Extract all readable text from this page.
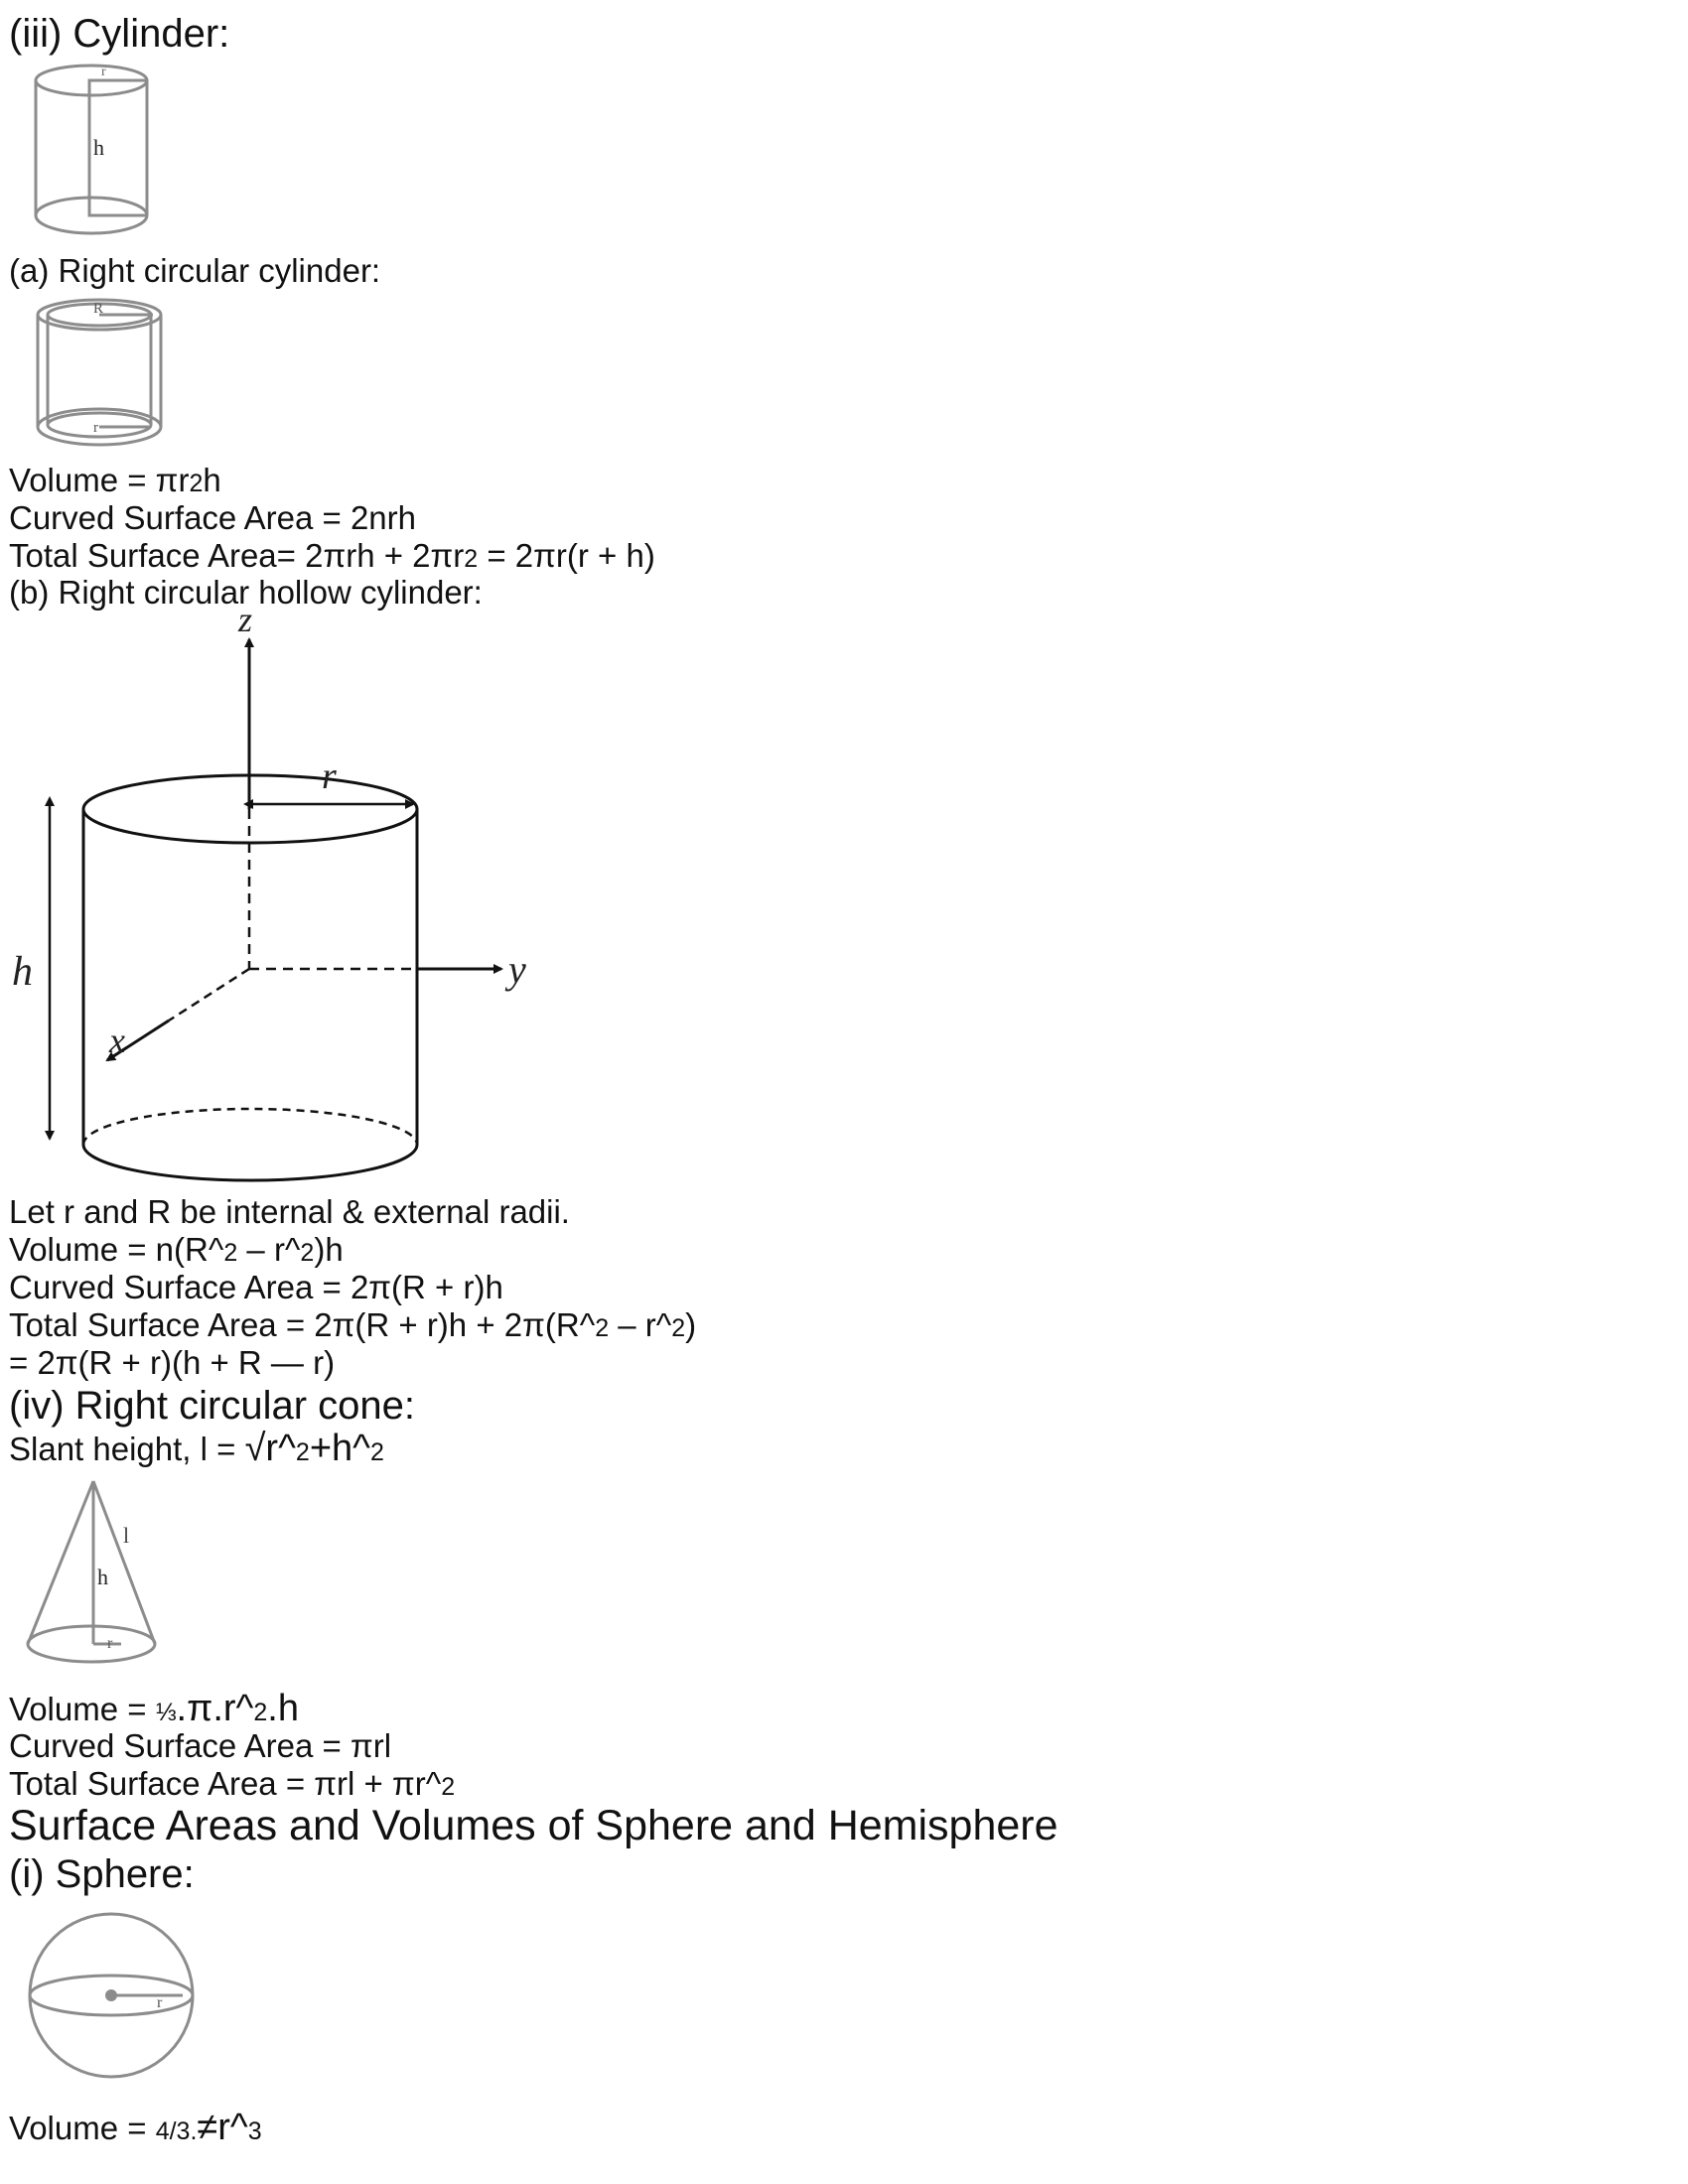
(iii) Cylinder:
r
h
(a) Right circular cylinder:
R
r
Volume = πr2h
Curved Surface Area = 2nrh
Total Surface Area= 2πrh + 2πr2 = 2πr(r + h)
(b) Right circular hollow cylinder:
z
r
y
x
h
Let r and R be internal & external radii.
Volume = n(R^2 – r^2)h
Curved Surface Area = 2π(R + r)h
Total Surface Area = 2π(R + r)h + 2π(R^2 – r^2)
= 2π(R + r)(h + R — r)
(iv) Right circular cone:
Slant height, l = √r^2+h^2
l
h
r
Volume = ⅓.π.r^2.h
Curved Surface Area = πrl
Total Surface Area = πrl + πr^2
Surface Areas and Volumes of Sphere and Hemisphere
(i) Sphere:
r
Volume = 4/3.≠r^3
